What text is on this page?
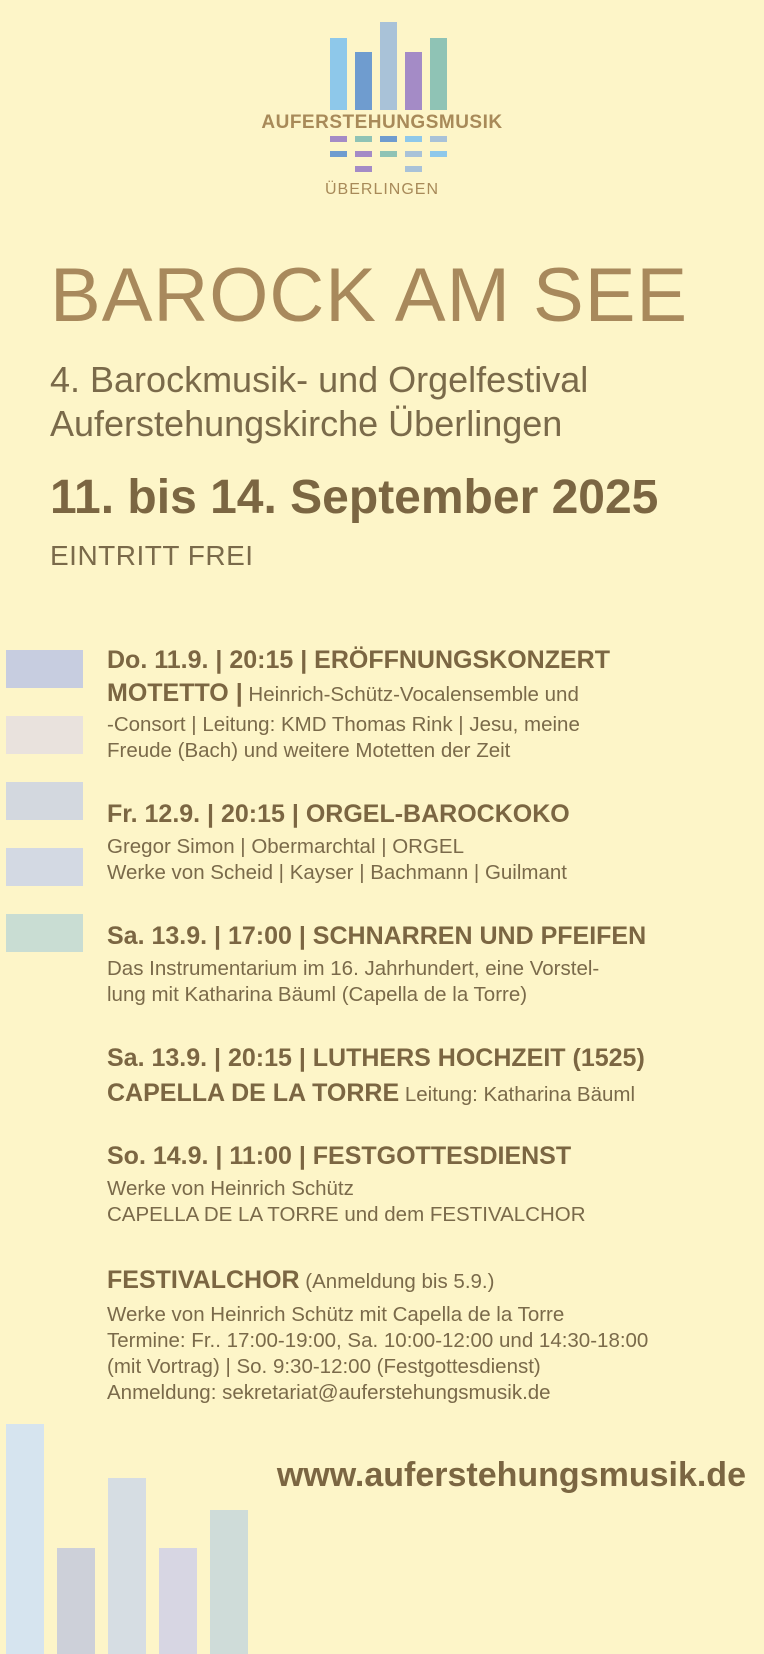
AUFERSTEHUNGSMUSIK
ÜBERLINGEN
BAROCK AM SEE
4. Barockmusik- und Orgelfestival
Auferstehungskirche Überlingen
11. bis 14. September 2025
EINTRITT FREI
Do. 11.9. | 20:15 | ERÖFFNUNGSKONZERT
MOTETTO | Heinrich-Schütz-Vocalensemble und
-Consort | Leitung: KMD Thomas Rink | Jesu, meine
Freude (Bach) und weitere Motetten der Zeit
Fr. 12.9. | 20:15 | ORGEL-BAROCKOKO
Gregor Simon | Obermarchtal | ORGEL
Werke von Scheid | Kayser | Bachmann | Guilmant
Sa. 13.9. | 17:00 | SCHNARREN UND PFEIFEN
Das Instrumentarium im 16. Jahrhundert, eine Vorstel-
lung mit Katharina Bäuml (Capella de la Torre)
Sa. 13.9. | 20:15 | LUTHERS HOCHZEIT (1525)
CAPELLA DE LA TORRE Leitung: Katharina Bäuml
So. 14.9. | 11:00 | FESTGOTTESDIENST
Werke von Heinrich Schütz
CAPELLA DE LA TORRE und dem FESTIVALCHOR
FESTIVALCHOR (Anmeldung bis 5.9.)
Werke von Heinrich Schütz mit Capella de la Torre
Termine: Fr.. 17:00-19:00, Sa. 10:00-12:00 und 14:30-18:00
(mit Vortrag) | So. 9:30-12:00 (Festgottesdienst)
Anmeldung: sekretariat@auferstehungsmusik.de
www.auferstehungsmusik.de
